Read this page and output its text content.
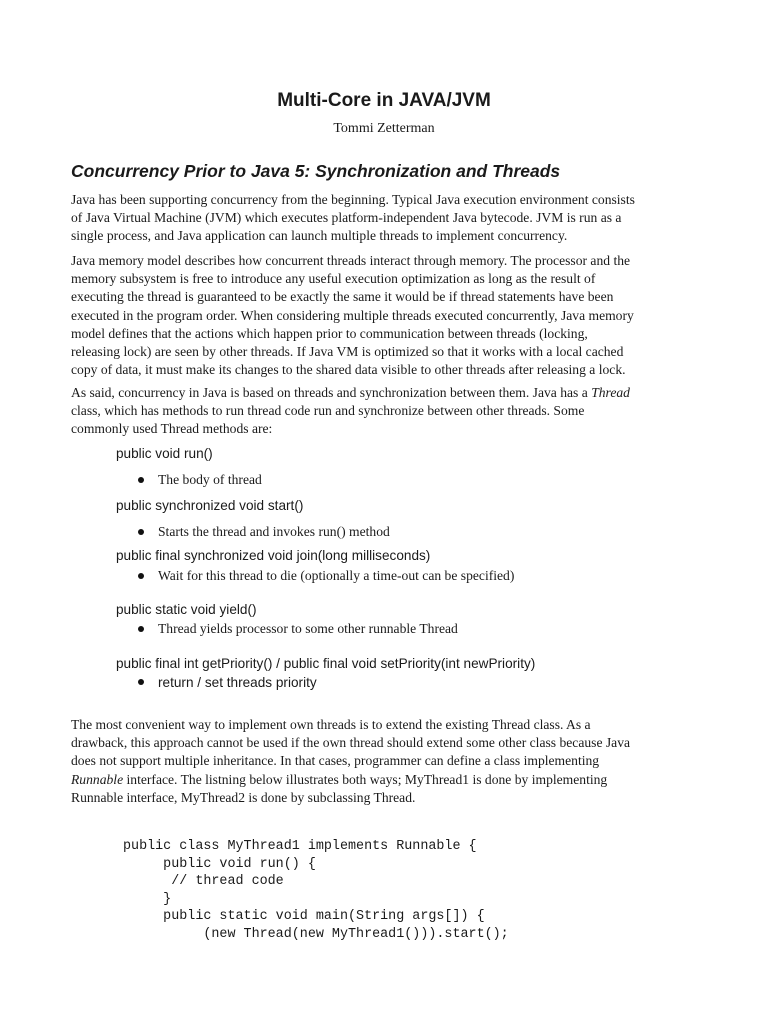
Multi-Core in JAVA/JVM

Tommi Zetterman

Concurrency Prior to Java 5: Synchronization and Threads
Java has been supporting concurrency from the beginning. Typical Java execution environment consists
of Java Virtual Machine (JVM) which executes platform-independent Java bytecode. JVM is run as a
single process, and Java application can launch multiple threads to implement concurrency.
Java memory model describes how concurrent threads interact through memory. The processor and the
memory subsystem is free to introduce any useful execution optimization as long as the result of
executing the thread is guaranteed to be exactly the same it would be if thread statements have been
executed in the program order. When considering multiple threads executed concurrently, Java memory
model defines that the actions which happen prior to communication between threads (locking,
releasing lock) are seen by other threads. If Java VM is optimized so that it works with a local cached
copy of data, it must make its changes to the shared data visible to other threads after releasing a lock.
As said, concurrency in Java is based on threads and synchronization between them. Java has a Thread
class, which has methods to run thread code run and synchronize between other threads. Some
commonly used Thread methods are:

public void run()

The body of thread

public synchronized void start()

Starts the thread and invokes run() method

public final synchronized void join(long milliseconds)

Wait for this thread to die (optionally a time-out can be specified)

public static void yield()

Thread yields processor to some other runnable Thread

public final int getPriority() / public final void setPriority(int newPriority)

return / set threads priority

The most convenient way to implement own threads is to extend the existing Thread class. As a
drawback, this approach cannot be used if the own thread should extend some other class because Java
does not support multiple inheritance. In that cases, programmer can define a class implementing
Runnable interface. The listning below illustrates both ways; MyThread1 is done by implementing
Runnable interface, MyThread2 is done by subclassing Thread.
public class MyThread1 implements Runnable {
public void run() {
// thread code
}
public static void main(String args[]) {
(new Thread(new MyThread1())).start();
